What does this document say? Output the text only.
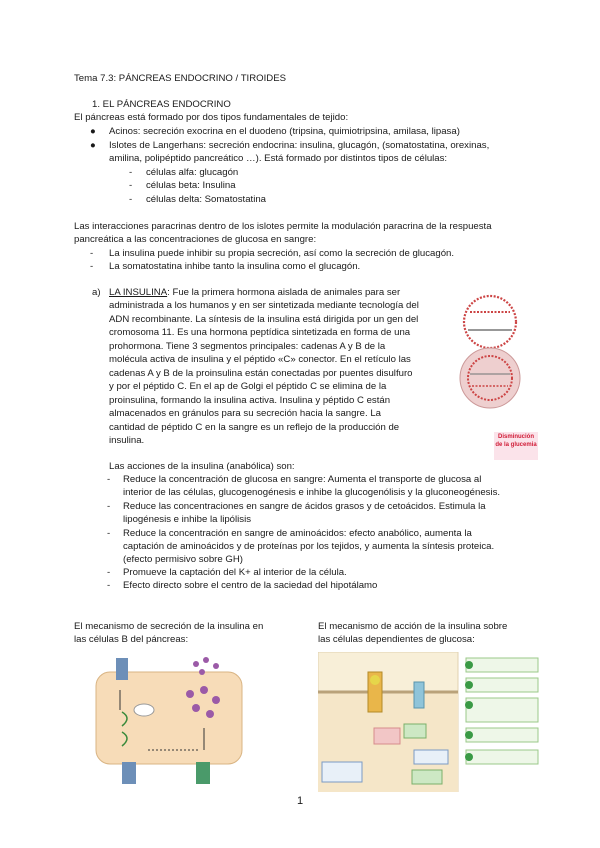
Tema 7.3: PÁNCREAS ENDOCRINO / TIROIDES
1. EL PÁNCREAS ENDOCRINO
El páncreas está formado por dos tipos fundamentales de tejido:
● Acinos: secreción exocrina en el duodeno (tripsina, quimiotripsina, amilasa, lipasa)
● Islotes de Langerhans: secreción endocrina: insulina, glucagón, (somatostatina, orexinas,
amilina, polipéptido pancreático …). Está formado por distintos tipos de células:
- células alfa: glucagón
- células beta: Insulina
- células delta: Somatostatina
Las interacciones paracrinas dentro de los islotes permite la modulación paracrina de la respuesta
pancreática a las concentraciones de glucosa en sangre:
- La insulina puede inhibir su propia secreción, así como la secreción de glucagón.
- La somatostatina inhibe tanto la insulina como el glucagón.
a) LA INSULINA: Fue la primera hormona aislada de animales para ser
administrada a los humanos y en ser sintetizada mediante tecnología del
ADN recombinante. La síntesis de la insulina está dirigida por un gen del
cromosoma 11. Es una hormona peptídica sintetizada en forma de una
prohormona. Tiene 3 segmentos principales: cadenas A y B de la
molécula activa de insulina y el péptido «C» conector. En el retículo las
cadenas A y B de la proinsulina están conectadas por puentes disulfuro
y por el péptido C. En el ap de Golgi el péptido C se elimina de la
proinsulina, formando la insulina activa. Insulina y péptido C están
almacenados en gránulos para su secreción hacia la sangre. La
cantidad de péptido C en la sangre es un reflejo de la producción de
insulina.	Disminución de la glucemia
Las acciones de la insulina (anabólica) son:
- Reduce la concentración de glucosa en sangre: Aumenta el transporte de glucosa al
interior de las células, glucogenogénesis e inhibe la glucogenólisis y la gluconeogénesis.
- Reduce las concentraciones en sangre de ácidos grasos y de cetoácidos. Estimula la
lipogénesis e inhibe la lipólisis
- Reduce la concentración en sangre de aminoácidos: efecto anabólico, aumenta la
captación de aminoácidos y de proteínas por los tejidos, y aumenta la síntesis proteica.
(efecto permisivo sobre GH)
- Promueve la captación del K+ al interior de la célula.
- Efecto directo sobre el centro de la saciedad del hipotálamo
El mecanismo de secreción de la insulina en
las células B del páncreas:
El mecanismo de acción de la insulina sobre
las células dependientes de glucosa:
1
